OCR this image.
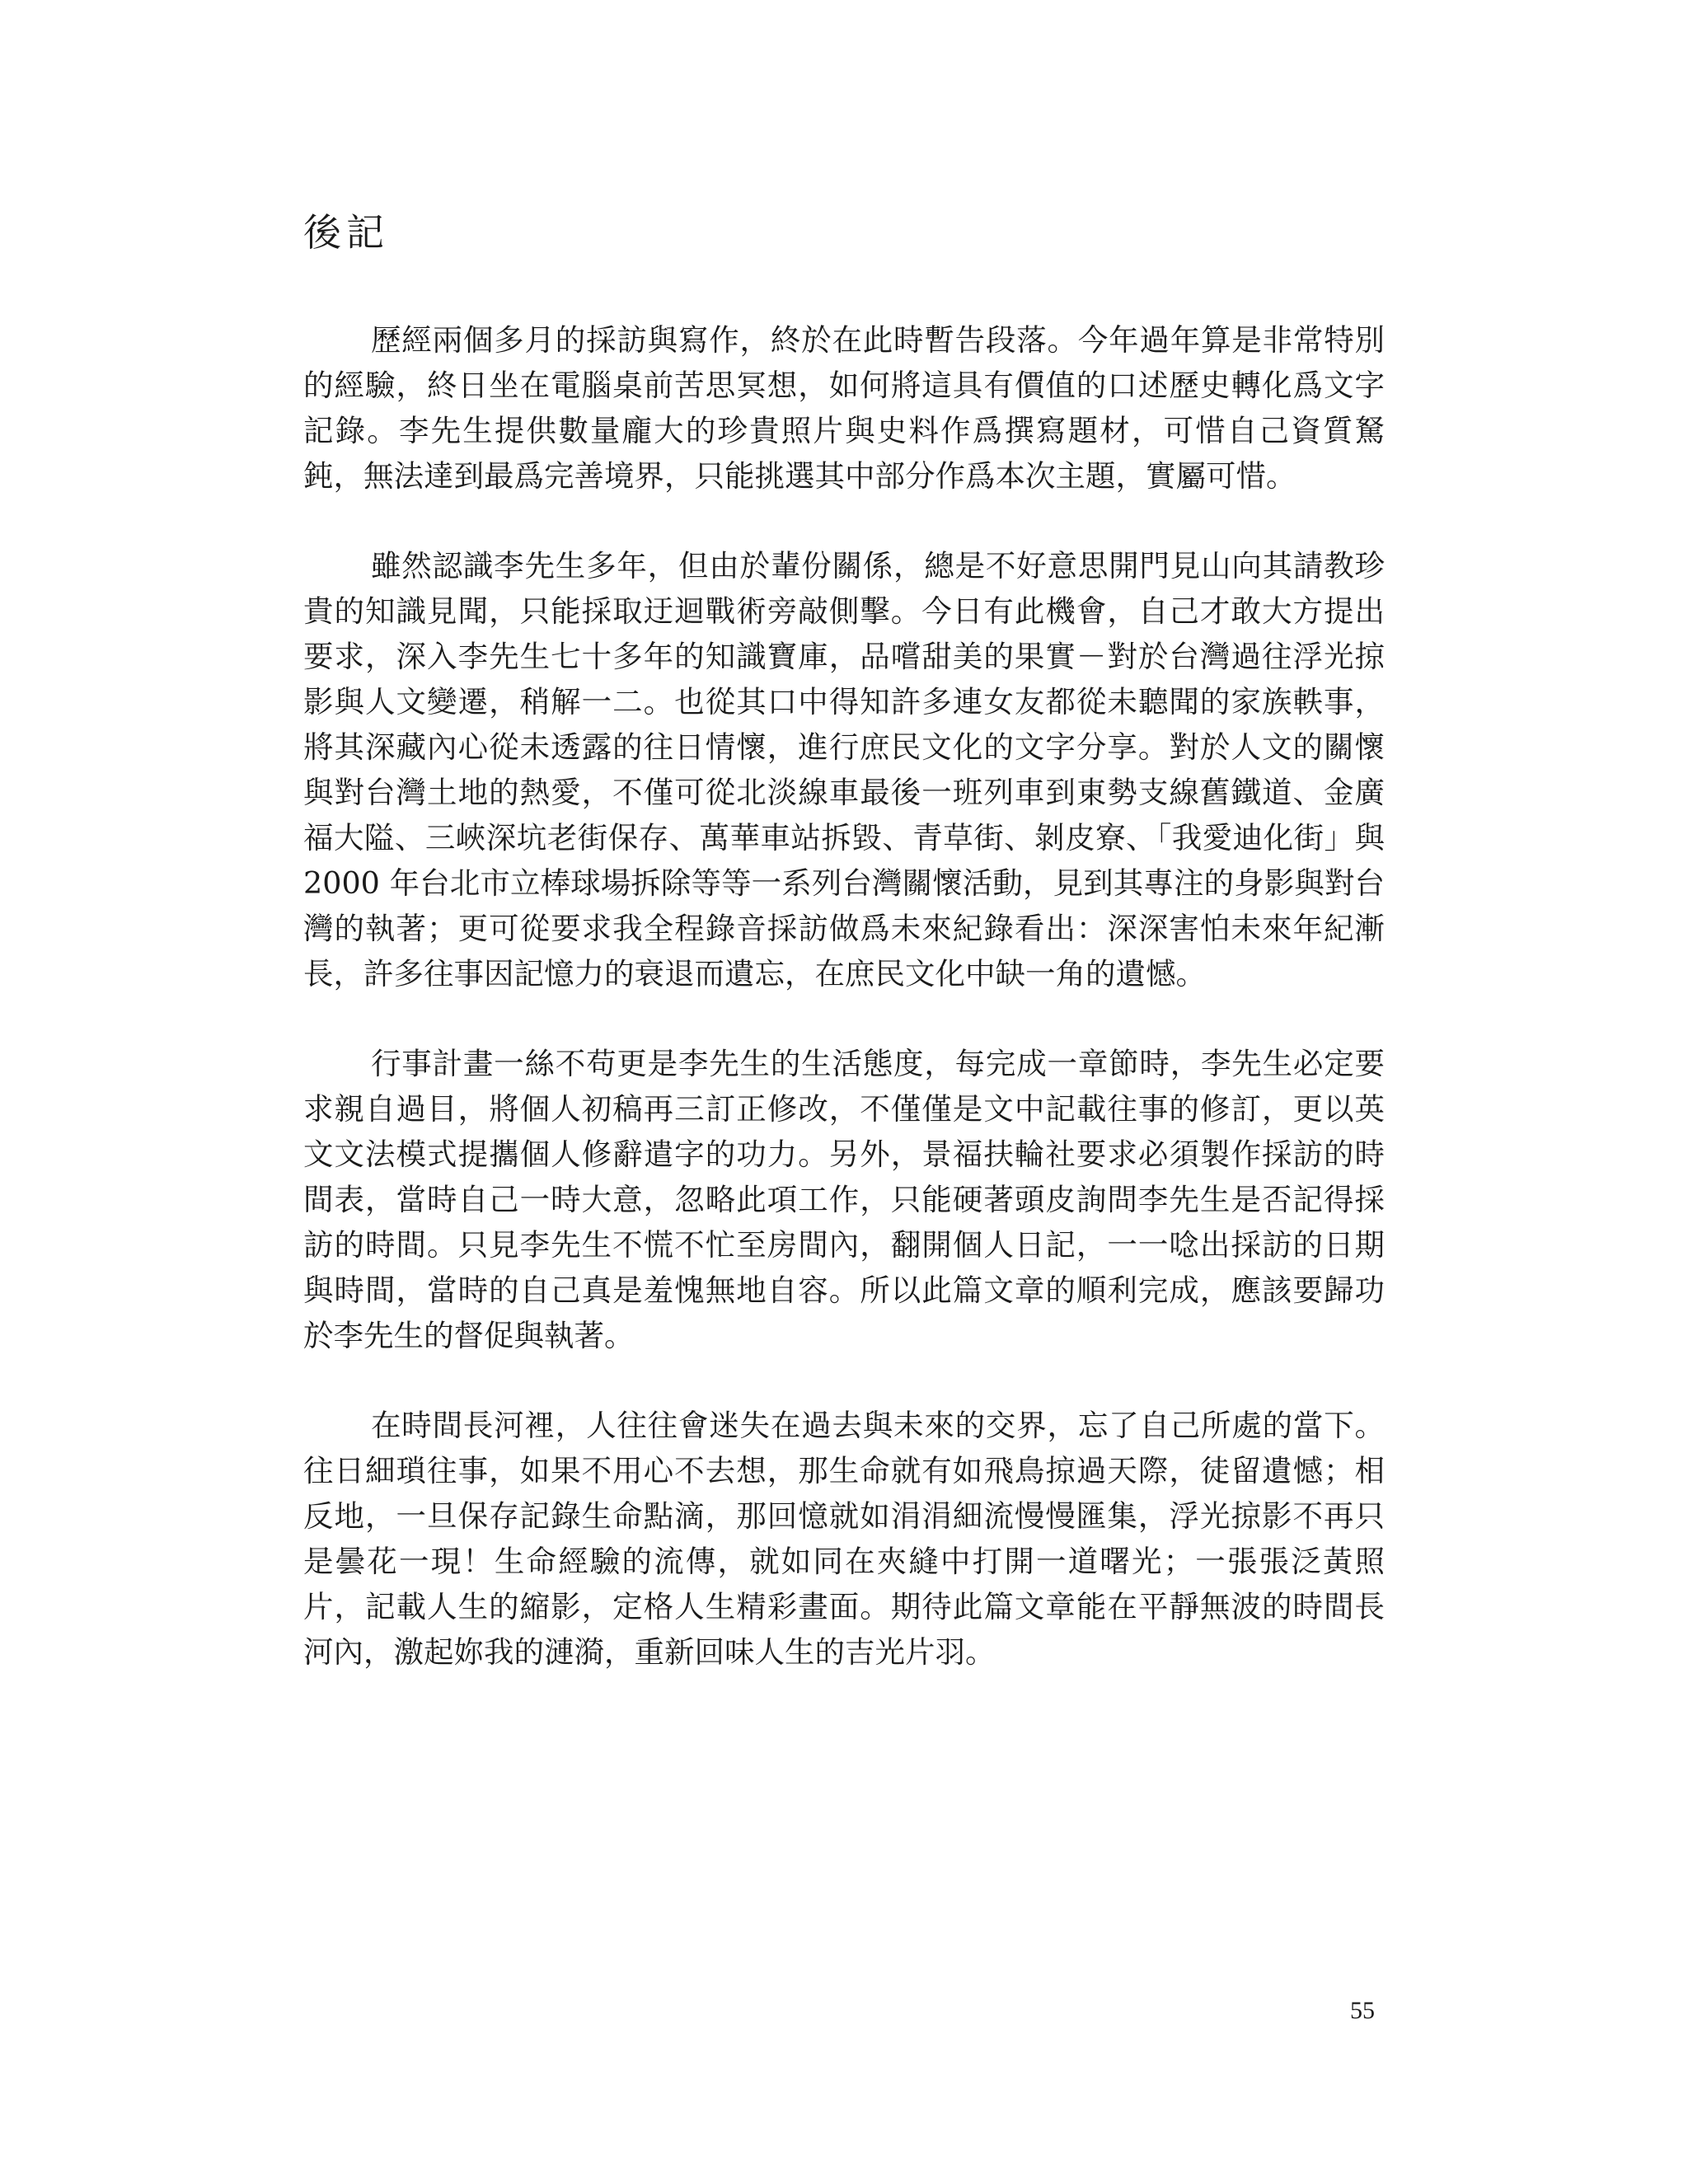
後記

歷經兩個多月的採訪與寫作，終於在此時暫告段落。今年過年算是非常特別的經驗，終日坐在電腦桌前苦思冥想，如何將這具有價值的口述歷史轉化爲文字記錄。李先生提供數量龐大的珍貴照片與史料作爲撰寫題材，可惜自己資質駑鈍，無法達到最爲完善境界，只能挑選其中部分作爲本次主題，實屬可惜。

雖然認識李先生多年，但由於輩份關係，總是不好意思開門見山向其請教珍貴的知識見聞，只能採取迂迴戰術旁敲側擊。今日有此機會，自己才敢大方提出要求，深入李先生七十多年的知識寶庫，品嚐甜美的果實－對於台灣過往浮光掠影與人文變遷，稍解一二。也從其口中得知許多連女友都從未聽聞的家族軼事，將其深藏內心從未透露的往日情懷，進行庶民文化的文字分享。對於人文的關懷與對台灣土地的熱愛，不僅可從北淡線車最後一班列車到東勢支線舊鐵道、金廣福大隘、三峽深坑老街保存、萬華車站拆毀、青草街、剝皮寮、「我愛迪化街」與 2000 年台北市立棒球場拆除等等一系列台灣關懷活動，見到其專注的身影與對台灣的執著；更可從要求我全程錄音採訪做爲未來紀錄看出：深深害怕未來年紀漸長，許多往事因記憶力的衰退而遺忘，在庶民文化中缺一角的遺憾。

行事計畫一絲不苟更是李先生的生活態度，每完成一章節時，李先生必定要求親自過目，將個人初稿再三訂正修改，不僅僅是文中記載往事的修訂，更以英文文法模式提攜個人修辭遣字的功力。另外，景福扶輪社要求必須製作採訪的時間表，當時自己一時大意，忽略此項工作，只能硬著頭皮詢問李先生是否記得採訪的時間。只見李先生不慌不忙至房間內，翻開個人日記，一一唸出採訪的日期與時間，當時的自己真是羞愧無地自容。所以此篇文章的順利完成，應該要歸功於李先生的督促與執著。

在時間長河裡，人往往會迷失在過去與未來的交界，忘了自己所處的當下。往日細瑣往事，如果不用心不去想，那生命就有如飛鳥掠過天際，徒留遺憾；相反地，一旦保存記錄生命點滴，那回憶就如涓涓細流慢慢匯集，浮光掠影不再只是曇花一現！生命經驗的流傳，就如同在夾縫中打開一道曙光；一張張泛黃照片，記載人生的縮影，定格人生精彩畫面。期待此篇文章能在平靜無波的時間長河內，激起妳我的漣漪，重新回味人生的吉光片羽。

55
